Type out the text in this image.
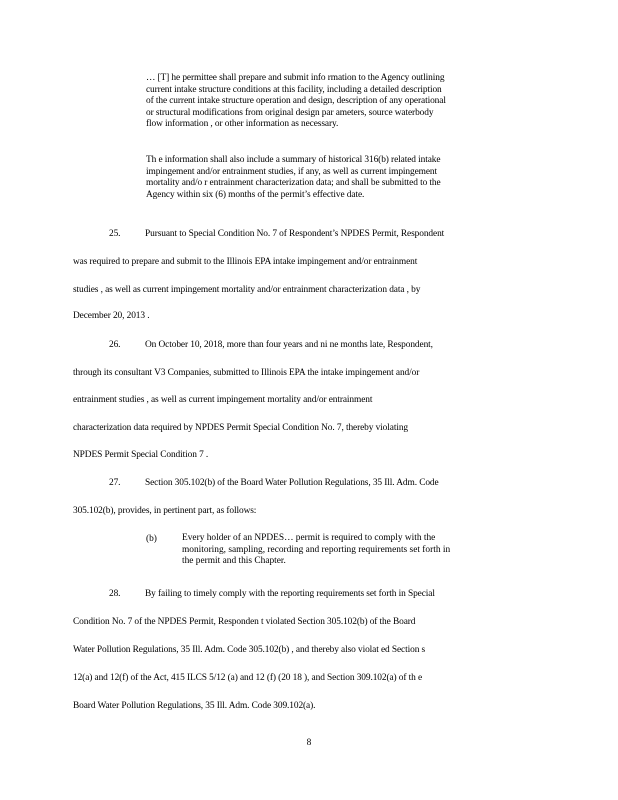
… [T] he permittee shall prepare and submit info rmation to the Agency outlining
current intake structure conditions at this facility, including a detailed description
of the current intake structure operation and design, description of any operational
or structural modifications from original design par ameters, source waterbody
flow information , or other information as necessary.
Th e information shall also include a summary of historical 316(b) related intake
impingement and/or entrainment studies, if any, as well as current impingement
mortality and/o r entrainment characterization data; and shall be submitted to the
Agency within six (6) months of the permit’s effective date.
25.	Pursuant to Special Condition No. 7 of Respondent’s NPDES Permit, Respondent
was required to prepare and submit to the Illinois EPA intake impingement and/or entrainment
studies , as well as current impingement mortality and/or entrainment characterization data , by
December 20, 2013 .
26.	On October 10, 2018, more than four years and ni ne months late, Respondent,
through its consultant V3 Companies, submitted to Illinois EPA the intake impingement and/or
entrainment studies , as well as current impingement mortality and/or entrainment
characterization data required by NPDES Permit Special Condition No. 7, thereby violating
NPDES Permit Special Condition 7 .
27.	Section 305.102(b) of the Board Water Pollution Regulations, 35 Ill. Adm. Code
305.102(b), provides, in pertinent part, as follows:
(b)	Every holder of an NPDES… permit is required to comply with the
monitoring, sampling, recording and reporting requirements set forth in
the permit and this Chapter.
28.	By failing to timely comply with the reporting requirements set forth in Special
Condition No. 7 of the NPDES Permit, Responden t violated Section 305.102(b) of the Board
Water Pollution Regulations, 35 Ill. Adm. Code 305.102(b) , and thereby also violat ed Section s
12(a) and 12(f) of the Act, 415 ILCS 5/12 (a) and 12 (f) (20 18 ), and Section 309.102(a) of th e
Board Water Pollution Regulations, 35 Ill. Adm. Code 309.102(a).
8
